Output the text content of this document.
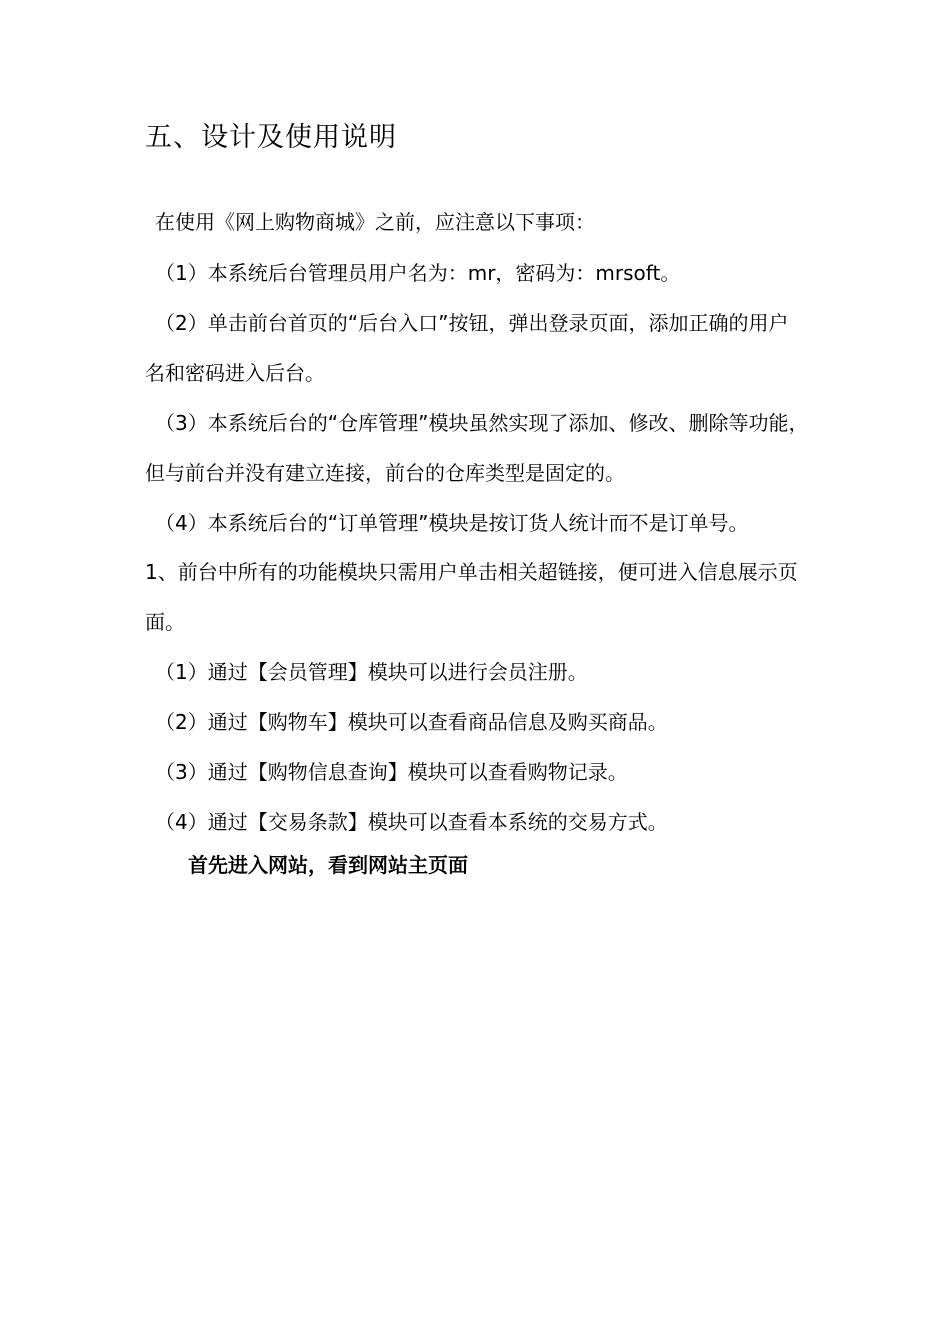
五、设计及使用说明
在使用《网上购物商城》之前，应注意以下事项：
（1）本系统后台管理员用户名为：mr，密码为：mrsoft。
（2）单击前台首页的“后台入口”按钮，弹出登录页面，添加正确的用户
名和密码进入后台。
（3）本系统后台的“仓库管理”模块虽然实现了添加、修改、删除等功能，
但与前台并没有建立连接，前台的仓库类型是固定的。
（4）本系统后台的“订单管理”模块是按订货人统计而不是订单号。
1、前台中所有的功能模块只需用户单击相关超链接，便可进入信息展示页
面。
（1）通过【会员管理】模块可以进行会员注册。
（2）通过【购物车】模块可以查看商品信息及购买商品。
（3）通过【购物信息查询】模块可以查看购物记录。
（4）通过【交易条款】模块可以查看本系统的交易方式。
首先进入网站，看到网站主页面
